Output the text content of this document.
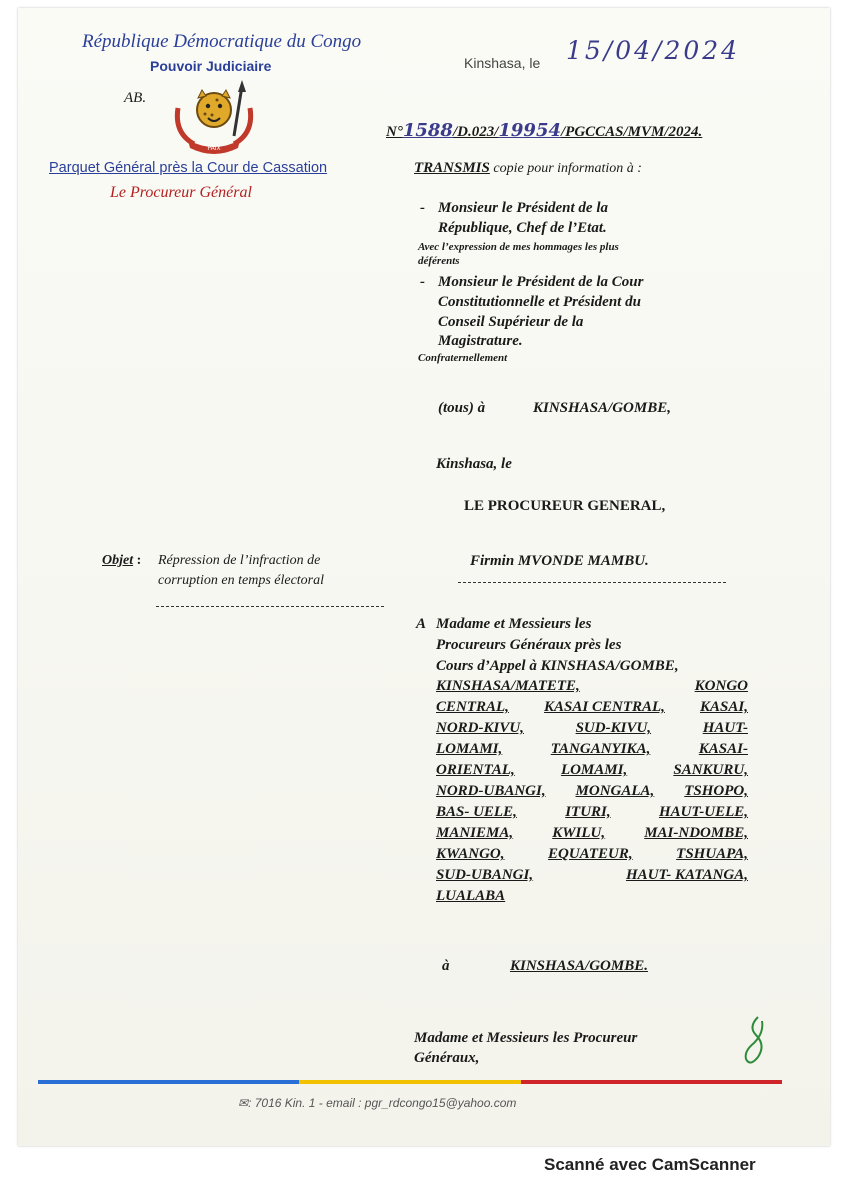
République Démocratique du Congo
Pouvoir Judiciaire
AB.
PAIX
Parquet Général près la Cour de Cassation
Le Procureur Général
Kinshasa, le 15/04/2024
N°1588/D.023/19954/PGCCAS/MVM/2024.
TRANSMIS copie pour information à :
- Monsieur le Président de la
République, Chef de l’Etat.
Avec l’expression de mes hommages les plus
déférents
- Monsieur le Président de la Cour
Constitutionnelle et Président du
Conseil Supérieur de la
Magistrature.
Confraternellement
(tous) à	KINSHASA/GOMBE,
Kinshasa, le
LE PROCUREUR GENERAL,
Firmin MVONDE MAMBU.
Objet : Répression de l’infraction de
corruption en temps électoral
A Madame et Messieurs les
Procureurs Généraux près les
Cours d’Appel à KINSHASA/GOMBE,
KINSHASA/MATETE,	KONGO
CENTRAL, KASAI CENTRAL, KASAI,
NORD-KIVU,	SUD-KIVU,	HAUT-
LOMAMI,	TANGANYIKA,	KASAI-
ORIENTAL,	LOMAMI,	SANKURU,
NORD-UBANGI, MONGALA, TSHOPO,
BAS- UELE,	ITURI,	HAUT-UELE,
MANIEMA,	KWILU,	MAI-NDOMBE,
KWANGO,	EQUATEUR,	TSHUAPA,
SUD-UBANGI,	HAUT- KATANGA,
LUALABA
à	KINSHASA/GOMBE.
Madame et Messieurs les Procureur
Généraux,
✉: 7016 Kin. 1 - email : pgr_rdcongo15@yahoo.com
Scanné avec CamScanner
